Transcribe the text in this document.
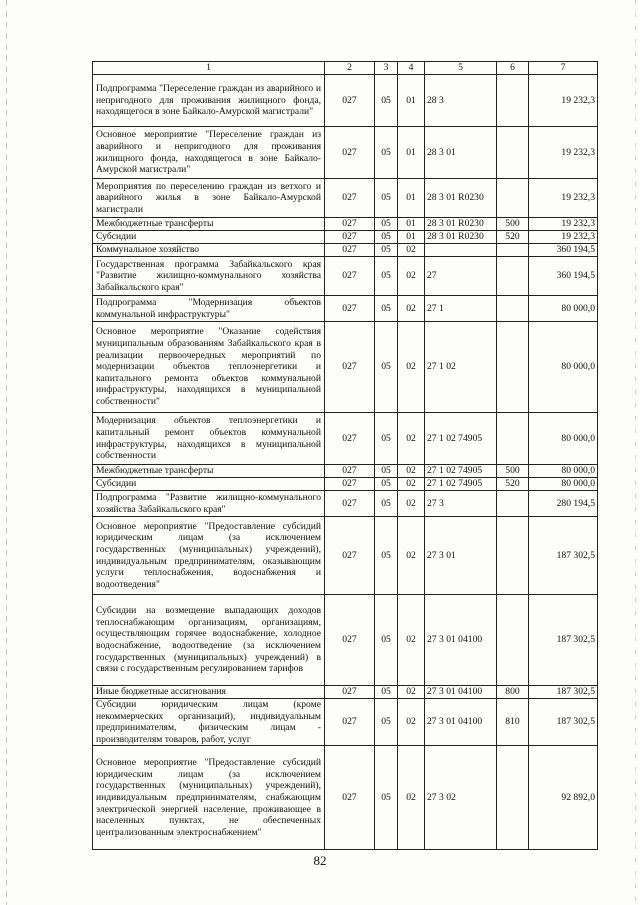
1	2	3	4	5	6	7
Подпрограмма "Переселение граждан из аварийного и непригодного для проживания жилищного фонда, находящегося в зоне Байкало-Амурской магистрали"	027	05	01	28 3		19 232,3
Основное мероприятие "Переселение граждан из аварийного и непригодного для проживания жилищного фонда, находящегося в зоне Байкало-Амурской магистрали"	027	05	01	28 3 01		19 232,3
Мероприятия по переселению граждан из ветхого и аварийного жилья в зоне Байкало-Амурской магистрали	027	05	01	28 3 01 R0230		19 232,3
Межбюджетные трансферты	027	05	01	28 3 01 R0230	500	19 232,3
Субсидии	027	05	01	28 3 01 R0230	520	19 232,3
Коммунальное хозяйство	027	05	02			360 194,5
Государственная программа Забайкальского края "Развитие жилищно-коммунального хозяйства Забайкальского края"	027	05	02	27		360 194,5
Подпрограмма "Модернизация объектов коммунальной инфраструктуры"	027	05	02	27 1		80 000,0
Основное мероприятие "Оказание содействия муниципальным образованиям Забайкальского края в реализации первоочередных мероприятий по модернизации объектов теплоэнергетики и капитального ремонта объектов коммунальной инфраструктуры, находящихся в муниципальной собственности"	027	05	02	27 1 02		80 000,0
Модернизация объектов теплоэнергетики и капитальный ремонт объектов коммунальной инфраструктуры, находящихся в муниципальной собственности	027	05	02	27 1 02 74905		80 000,0
Межбюджетные трансферты	027	05	02	27 1 02 74905	500	80 000,0
Субсидии	027	05	02	27 1 02 74905	520	80 000,0
Подпрограмма "Развитие жилищно-коммунального хозяйства Забайкальского края"	027	05	02	27 3		280 194,5
Основное мероприятие "Предоставление субсидий юридическим лицам (за исключением государственных (муниципальных) учреждений), индивидуальным предпринимателям, оказывающим услуги теплоснабжения, водоснабжения и водоотведения"	027	05	02	27 3 01		187 302,5
Субсидии на возмещение выпадающих доходов теплоснабжающим организациям, организациям, осуществляющим горячее водоснабжение, холодное водоснабжение, водоотведение (за исключением государственных (муниципальных) учреждений) в связи с государственным регулированием тарифов	027	05	02	27 3 01 04100		187 302,5
Иные бюджетные ассигнования	027	05	02	27 3 01 04100	800	187 302,5
Субсидии юридическим лицам (кроме некоммерческих организаций), индивидуальным предпринимателям, физическим лицам - производителям товаров, работ, услуг	027	05	02	27 3 01 04100	810	187 302,5
Основное мероприятие "Предоставление субсидий юридическим лицам (за исключением государственных (муниципальных) учреждений), индивидуальным предпринимателям, снабжающим электрической энергией население, проживающее в населенных пунктах, не обеспеченных централизованным электроснабжением"	027	05	02	27 3 02		92 892,0
82
